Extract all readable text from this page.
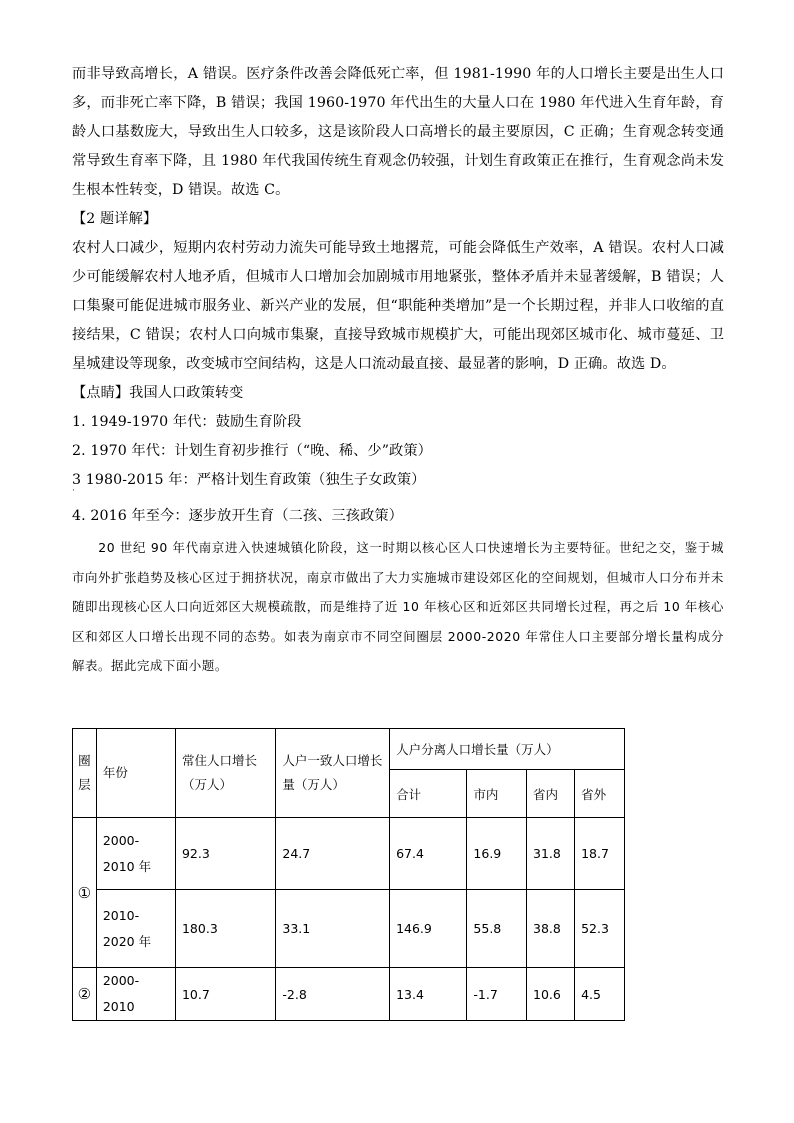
而非导致高增长，A 错误。医疗条件改善会降低死亡率，但 1981-1990 年的人口增长主要是出生人口多，而非死亡率下降，B 错误；我国 1960-1970 年代出生的大量人口在 1980 年代进入生育年龄，育龄人口基数庞大，导致出生人口较多，这是该阶段人口高增长的最主要原因，C 正确；生育观念转变通常导致生育率下降，且 1980 年代我国传统生育观念仍较强，计划生育政策正在推行，生育观念尚未发生根本性转变，D 错误。故选 C。

【2 题详解】

农村人口减少，短期内农村劳动力流失可能导致土地撂荒，可能会降低生产效率，A 错误。农村人口减少可能缓解农村人地矛盾，但城市人口增加会加剧城市用地紧张，整体矛盾并未显著缓解，B 错误；人口集聚可能促进城市服务业、新兴产业的发展，但“职能种类增加”是一个长期过程，并非人口收缩的直接结果，C 错误；农村人口向城市集聚，直接导致城市规模扩大，可能出现郊区城市化、城市蔓延、卫星城建设等现象，改变城市空间结构，这是人口流动最直接、最显著的影响，D 正确。故选 D。

【点睛】我国人口政策转变

1. 1949-1970 年代：鼓励生育阶段

2. 1970 年代：计划生育初步推行（“晚、稀、少”政策）

3 1980-2015 年：严格计划生育政策（独生子女政策）

·

4. 2016 年至今：逐步放开生育（二孩、三孩政策）

　　20 世纪 90 年代南京进入快速城镇化阶段，这一时期以核心区人口快速增长为主要特征。世纪之交，鉴于城市向外扩张趋势及核心区过于拥挤状况，南京市做出了大力实施城市建设郊区化的空间规划，但城市人口分布并未随即出现核心区人口向近郊区大规模疏散，而是维持了近 10 年核心区和近郊区共同增长过程，再之后 10 年核心区和郊区人口增长出现不同的态势。如表为南京市不同空间圈层 2000-2020 年常住人口主要部分增长量构成分解表。据此完成下面小题。

圈层	年份	常住人口增长（万人）	人户一致人口增长量（万人）	人户分离人口增长量（万人）			
				合计	市内	省内	省外
①	2000-2010 年	92.3	24.7	67.4	16.9	31.8	18.7
	2010-2020 年	180.3	33.1	146.9	55.8	38.8	52.3
②	2000-2010	10.7	-2.8	13.4	-1.7	10.6	4.5
